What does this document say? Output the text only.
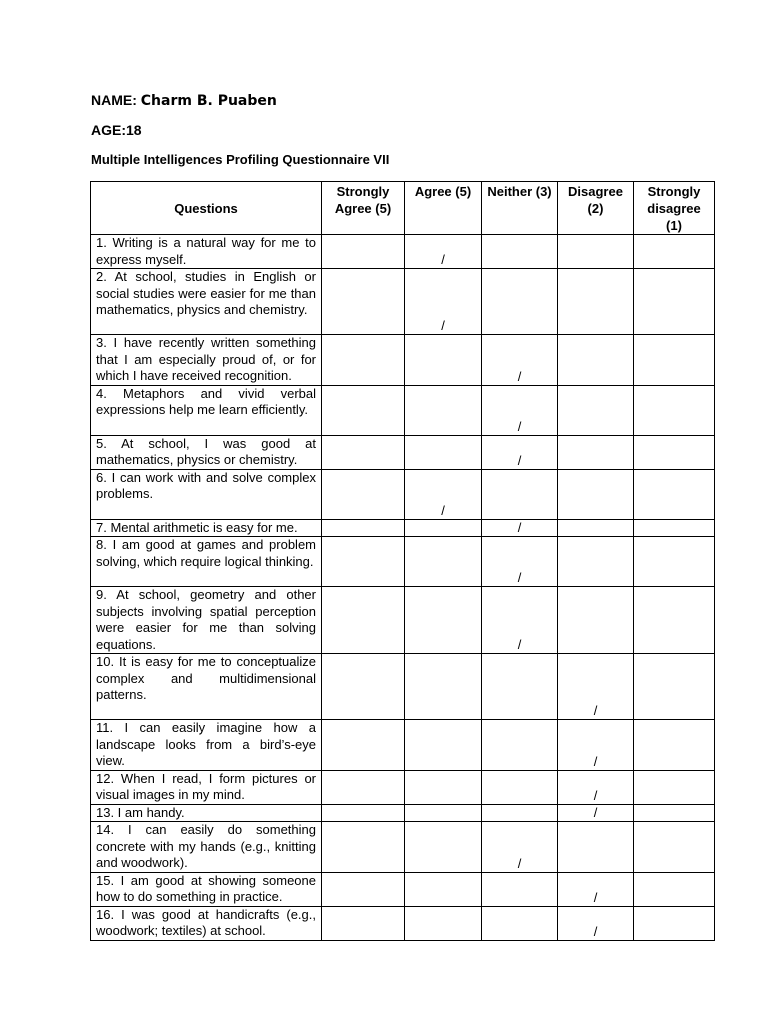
NAME: Charm B. Puaben
AGE:18
Multiple Intelligences Profiling Questionnaire VII
Questions	Strongly Agree (5)	Agree (5)	Neither (3)	Disagree (2)	Strongly disagree (1)
1. Writing is a natural way for me to express myself.		/			
2. At school, studies in English or social studies were easier for me than mathematics, physics and chemistry.		/			
3. I have recently written something that I am especially proud of, or for which I have received recognition.			/		
4. Metaphors and vivid verbal expressions help me learn efficiently.			/		
5. At school, I was good at mathematics, physics or chemistry.			/		
6. I can work with and solve complex problems.		/			
7. Mental arithmetic is easy for me.			/		
8. I am good at games and problem solving, which require logical thinking.			/		
9. At school, geometry and other subjects involving spatial perception were easier for me than solving equations.			/		
10. It is easy for me to conceptualize complex and multidimensional patterns.				/	
11. I can easily imagine how a landscape looks from a bird’s-eye view.				/	
12. When I read, I form pictures or visual images in my mind.				/	
13. I am handy.				/	
14. I can easily do something concrete with my hands (e.g., knitting and woodwork).			/		
15. I am good at showing someone how to do something in practice.				/	
16. I was good at handicrafts (e.g., woodwork; textiles) at school.				/	
